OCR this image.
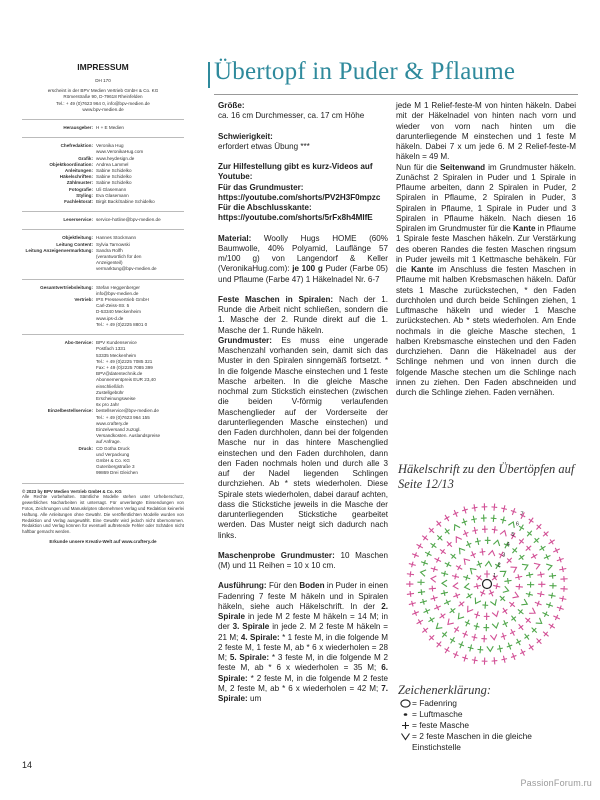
IMPRESSUM
DH 170
erscheint in der BPV Medien Vertrieb GmbH & Co. KG
Römerstraße 90, D-79618 Rheinfelden
Tel.: + 49 (0)7623 964 0, info@bpv-medien.de
www.bpv-medien.de
Herausgeber: H + E Medien
Chefredaktion: Veronika Hug
www.VeronikaHug.com
Grafik: www.heydesign.de
Objektkoordination: Andrea Lammel
Anleitungen: Sabine Schidelko
Häkelschriften: Sabine Schidelko
Zählmuster: Sabine Schidelko
Fotografie: Uli Glasemann
Styling: Eva Glasemann
Fachlektorat: Birgit Back/Sabine Schidelko
Leserservice: service-hotline@bpv-medien.de
Objektleitung: Hannes Stockmann
Leitung Content: Sylvia Tarnowski
Leitung Anzeigenvermarktung: Sandra Rolfh
(verantwortlich für den
Anzeigenteil)
vermarktung@bpv-medien.de
Gesamtvertriebsleitung: Stefan Heggenberger
info@bpv-medien.de
Vertrieb: IPS Pressevertrieb GmbH
Carl-Zeiss-Str. 5
D-53340 Meckenheim
www.ips-d.de
Tel.: + 49 (0)2225 8801 0
Abo-Service: BPV Kundenservice
Postfach 1331
53335 Meckenheim
Tel.: + 49 (0)2225 7085 321
Fax: + 49 (0)2225 7085 399
BPV@datentechnik.de
Abonnementpreis EUR 23,40 einschließlich
Zustellgebühr
Erscheinungsweise
6x pro Jahr
Einzelbestellservice: bestellservice@bpv-medien.de
Tel.: + 49 (0)7623 964 155
www.craftery.de
Einzelversand zuzügl.
Versandkosten. Auslandspreise
auf Anfrage.
Druck: CD Gotha Druck
und Verpackung
GmbH & Co. KG
Gutenbergstraße 3
99869 Drei Gleichen
© 2023 by BPV Medien Vertrieb GmbH & Co. KG
Alle Rechte vorbehalten. Sämtliche Modelle stehen unter Urheberschutz, gewerbliches Nacharbeiten ist untersagt. Für unverlangte Einsendungen von Fotos, Zeichnungen und Manuskripten übernehmen Verlag und Redaktion keinerlei Haftung. Alle Anleitungen ohne Gewähr. Die veröffentlichten Modelle wurden von Redaktion und Verlag ausgewählt. Eine Gewähr wird jedoch nicht übernommen. Redaktion und Verlag können für eventuell auftretende Fehler oder Schäden nicht haftbar gemacht werden.
Erkunde unsere Kreativ-Welt auf www.craftery.de
Übertopf in Puder & Pflaume

Größe:

ca. 16 cm Durchmesser, ca. 17 cm Höhe

Schwierigkeit:

erfordert etwas Übung ***

Zur Hilfestellung gibt es kurz-Videos auf Youtube:
Für das Grundmuster: https://youtube.com/shorts/PV2H3F0mpzc
Für die Abschlusskante: https://youtube.com/shorts/5rFx8h4MIfE

Material: Woolly Hugs HOME (60% Baumwolle, 40% Polyamid, Lauflänge 57 m/100 g) von Langendorf & Keller (VeronikaHug.com): je 100 g Puder (Farbe 05) und Pflaume (Farbe 47) 1 Häkelnadel Nr. 6-7

Feste Maschen in Spiralen: Nach der 1. Runde die Arbeit nicht schließen, sondern die 1. Masche der 2. Runde direkt auf die 1. Masche der 1. Runde häkeln.
Grundmuster: Es muss eine ungerade Maschenzahl vorhanden sein, damit sich das Muster in den Spiralen sinngemäß fortsetzt. * In die folgende Masche einstechen und 1 feste Masche arbeiten. In die gleiche Masche nochmal zum Stickstich einstechen (zwischen die beiden V-förmig verlaufenden Maschenglieder auf der Vorderseite der darunterliegenden Masche einstechen) und den Faden durchholen, dann bei der folgenden Masche nur in das hintere Maschenglied einstechen und den Faden durchholen, dann den Faden nochmals holen und durch alle 3 auf der Nadel liegenden Schlingen durchziehen. Ab * stets wiederholen. Diese Spirale stets wiederholen, dabei darauf achten, dass die Stickstiche jeweils in die Masche der darunterliegenden Stickstiche gearbeitet werden. Das Muster neigt sich dadurch nach links.

Maschenprobe Grundmuster: 10 Maschen (M) und 11 Reihen = 10 x 10 cm.

Ausführung: Für den Boden in Puder in einen Fadenring 7 feste M häkeln und in Spiralen häkeln, siehe auch Häkelschrift. In der 2. Spirale in jede M 2 feste M häkeln = 14 M; in der 3. Spirale in jede 2. M 2 feste M häkeln = 21 M; 4. Spirale: * 1 feste M, in die folgende M 2 feste M, 1 feste M, ab * 6 x wiederholen = 28 M; 5. Spirale: * 3 feste M, in die folgende M 2 feste M, ab * 6 x wiederholen = 35 M; 6. Spirale: * 2 feste M, in die folgende M 2 feste M, 2 feste M, ab * 6 x wiederholen = 42 M; 7. Spirale: um

jede M 1 Relief-feste-M von hinten häkeln. Dabei mit der Häkelnadel von hinten nach vorn und wieder von vorn nach hinten um die darunterliegende M einstechen und 1 feste M häkeln. Dabei 7 x um jede 6. M 2 Relief-feste-M häkeln = 49 M.

Nun für die Seitenwand im Grundmuster häkeln. Zunächst 2 Spiralen in Puder und 1 Spirale in Pflaume arbeiten, dann 2 Spiralen in Puder, 2 Spiralen in Pflaume, 2 Spiralen in Puder, 3 Spiralen in Pflaume, 1 Spirale in Puder und 3 Spiralen in Pflaume häkeln. Nach diesen 16 Spiralen im Grundmuster für die Kante in Pflaume 1 Spirale feste Maschen häkeln. Zur Verstärkung des oberen Randes die festen Maschen ringsum in Puder jeweils mit 1 Kettmasche behäkeln. Für die Kante im Anschluss die festen Maschen in Pflaume mit halben Krebsmaschen häkeln. Dafür stets 1 Masche zurückstechen, * den Faden durchholen und durch beide Schlingen ziehen, 1 Luftmasche häkeln und wieder 1 Masche zurückstechen. Ab * stets wiederholen. Am Ende nochmals in die gleiche Masche stechen, 1 halben Krebsmasche einstechen und den Faden durchziehen. Dann die Häkelnadel aus der Schlinge nehmen und von innen durch die folgende Masche stechen um die Schlinge nach innen zu ziehen. Den Faden abschneiden und durch die Schlinge ziehen. Faden vernähen.

Häkelschrift zu den Übertöpfen auf Seite 12/13
1
2
3
4
5
6
7
Zeichenerklärung:
= Fadenring
= Luftmasche
= feste Masche
= 2 feste Maschen in die gleiche Einstichstelle
14
PassionForum.ru
